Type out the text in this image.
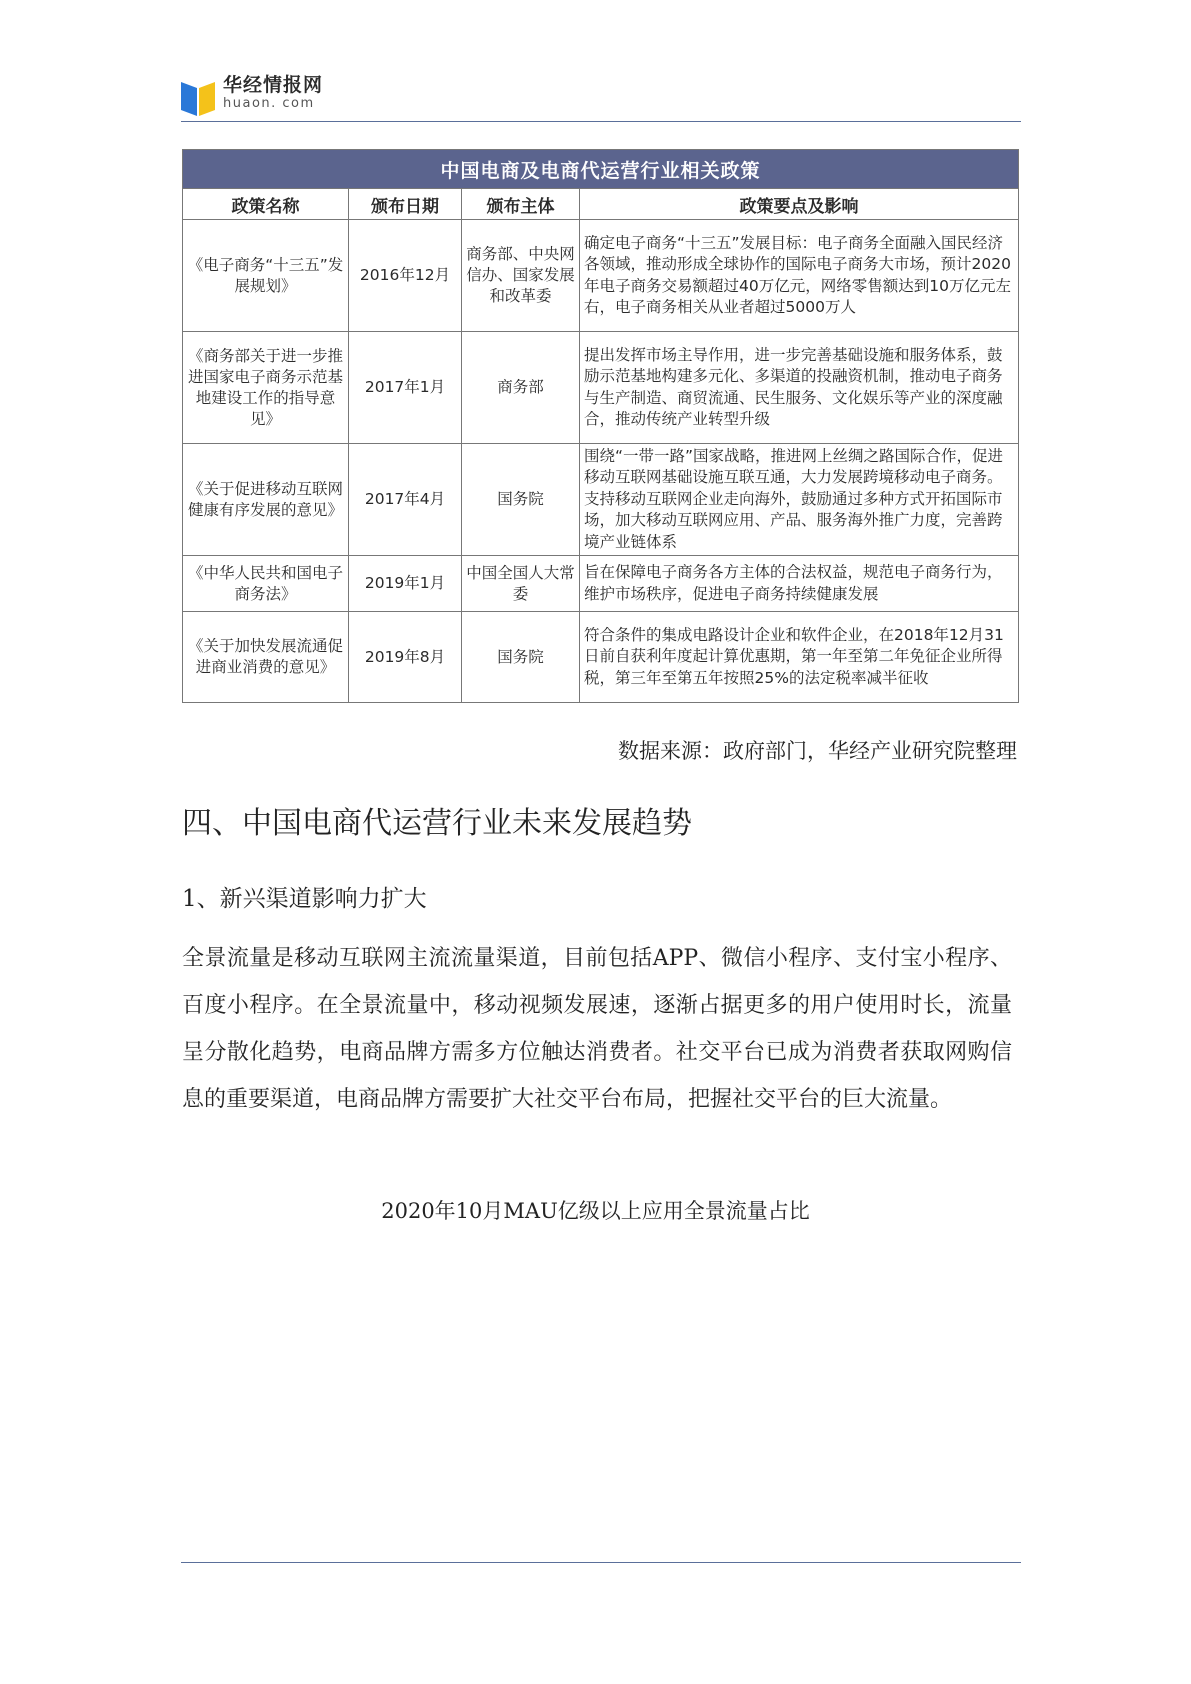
华经情报网
huaon. com
中国电商及电商代运营行业相关政策			
政策名称	颁布日期	颁布主体	政策要点及影响
《电子商务“十三五”发展规划》	2016年12月	商务部、中央网信办、国家发展和改革委	确定电子商务“十三五”发展目标：电子商务全面融入国民经济各领域，推动形成全球协作的国际电子商务大市场，预计2020年电子商务交易额超过40万亿元，网络零售额达到10万亿元左右，电子商务相关从业者超过5000万人
《商务部关于进一步推进国家电子商务示范基地建设工作的指导意见》	2017年1月	商务部	提出发挥市场主导作用，进一步完善基础设施和服务体系，鼓励示范基地构建多元化、多渠道的投融资机制，推动电子商务与生产制造、商贸流通、民生服务、文化娱乐等产业的深度融合，推动传统产业转型升级
《关于促进移动互联网健康有序发展的意见》	2017年4月	国务院	围绕“一带一路”国家战略，推进网上丝绸之路国际合作，促进移动互联网基础设施互联互通，大力发展跨境移动电子商务。支持移动互联网企业走向海外，鼓励通过多种方式开拓国际市场，加大移动互联网应用、产品、服务海外推广力度，完善跨境产业链体系
《中华人民共和国电子商务法》	2019年1月	中国全国人大常委	旨在保障电子商务各方主体的合法权益，规范电子商务行为，维护市场秩序，促进电子商务持续健康发展
《关于加快发展流通促进商业消费的意见》	2019年8月	国务院	符合条件的集成电路设计企业和软件企业，在2018年12月31日前自获利年度起计算优惠期，第一年至第二年免征企业所得税，第三年至第五年按照25%的法定税率减半征收
数据来源：政府部门，华经产业研究院整理
四、中国电商代运营行业未来发展趋势
1、新兴渠道影响力扩大
全景流量是移动互联网主流流量渠道，目前包括APP、微信小程序、支付宝小程序、百度小程序。在全景流量中，移动视频发展速，逐渐占据更多的用户使用时长，流量呈分散化趋势，电商品牌方需多方位触达消费者。社交平台已成为消费者获取网购信息的重要渠道，电商品牌方需要扩大社交平台布局，把握社交平台的巨大流量。
2020年10月MAU亿级以上应用全景流量占比
